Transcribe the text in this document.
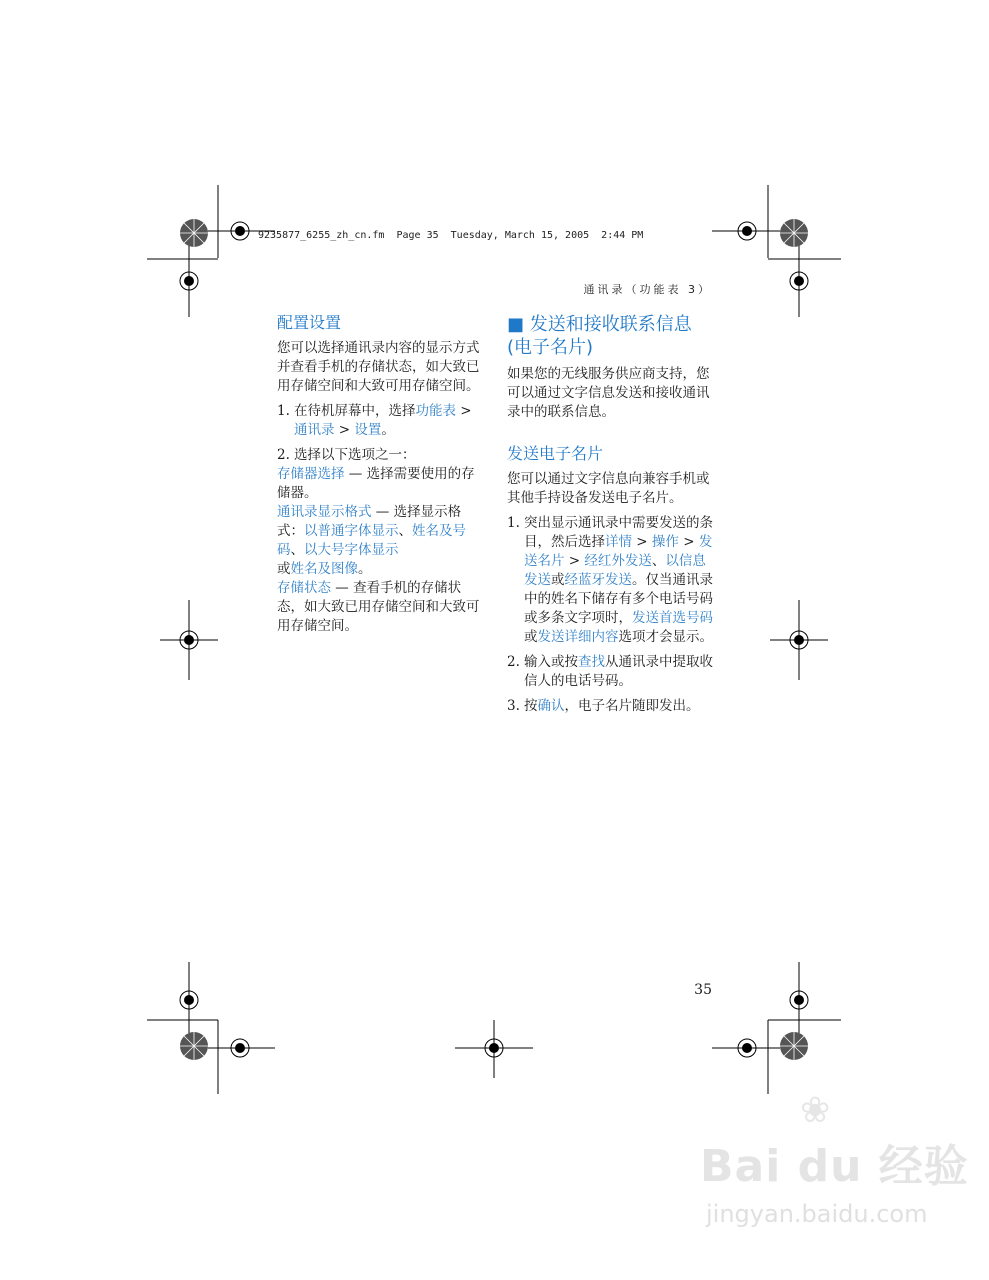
9235877_6255_zh_cn.fm  Page 35  Tuesday, March 15, 2005  2:44 PM
通讯录（功能表 3）
配置设置

您可以选择通讯录内容的显示方式并查看手机的存储状态，如大致已用存储空间和大致可用存储空间。

1. 在待机屏幕中，选择功能表 > 通讯录 > 设置。
2. 选择以下选项之一：

存储器选择 — 选择需要使用的存储器。

通讯录显示格式 — 选择显示格式：以普通字体显示、姓名及号码、以大号字体显示
或姓名及图像。

存储状态 — 查看手机的存储状态，如大致已用存储空间和大致可用存储空间。

■ 发送和接收联系信息 (电子名片)

如果您的无线服务供应商支持，您可以通过文字信息发送和接收通讯录中的联系信息。

发送电子名片

您可以通过文字信息向兼容手机或其他手持设备发送电子名片。

1. 突出显示通讯录中需要发送的条目，然后选择详情 > 操作 > 发送名片 > 经红外发送、以信息发送或经蓝牙发送。仅当通讯录中的姓名下储存有多个电话号码或多条文字项时，发送首选号码或发送详细内容选项才会显示。
2. 输入或按查找从通讯录中提取收信人的电话号码。
3. 按确认，电子名片随即发出。
35
❀
Bai du 经验
jingyan.baidu.com
